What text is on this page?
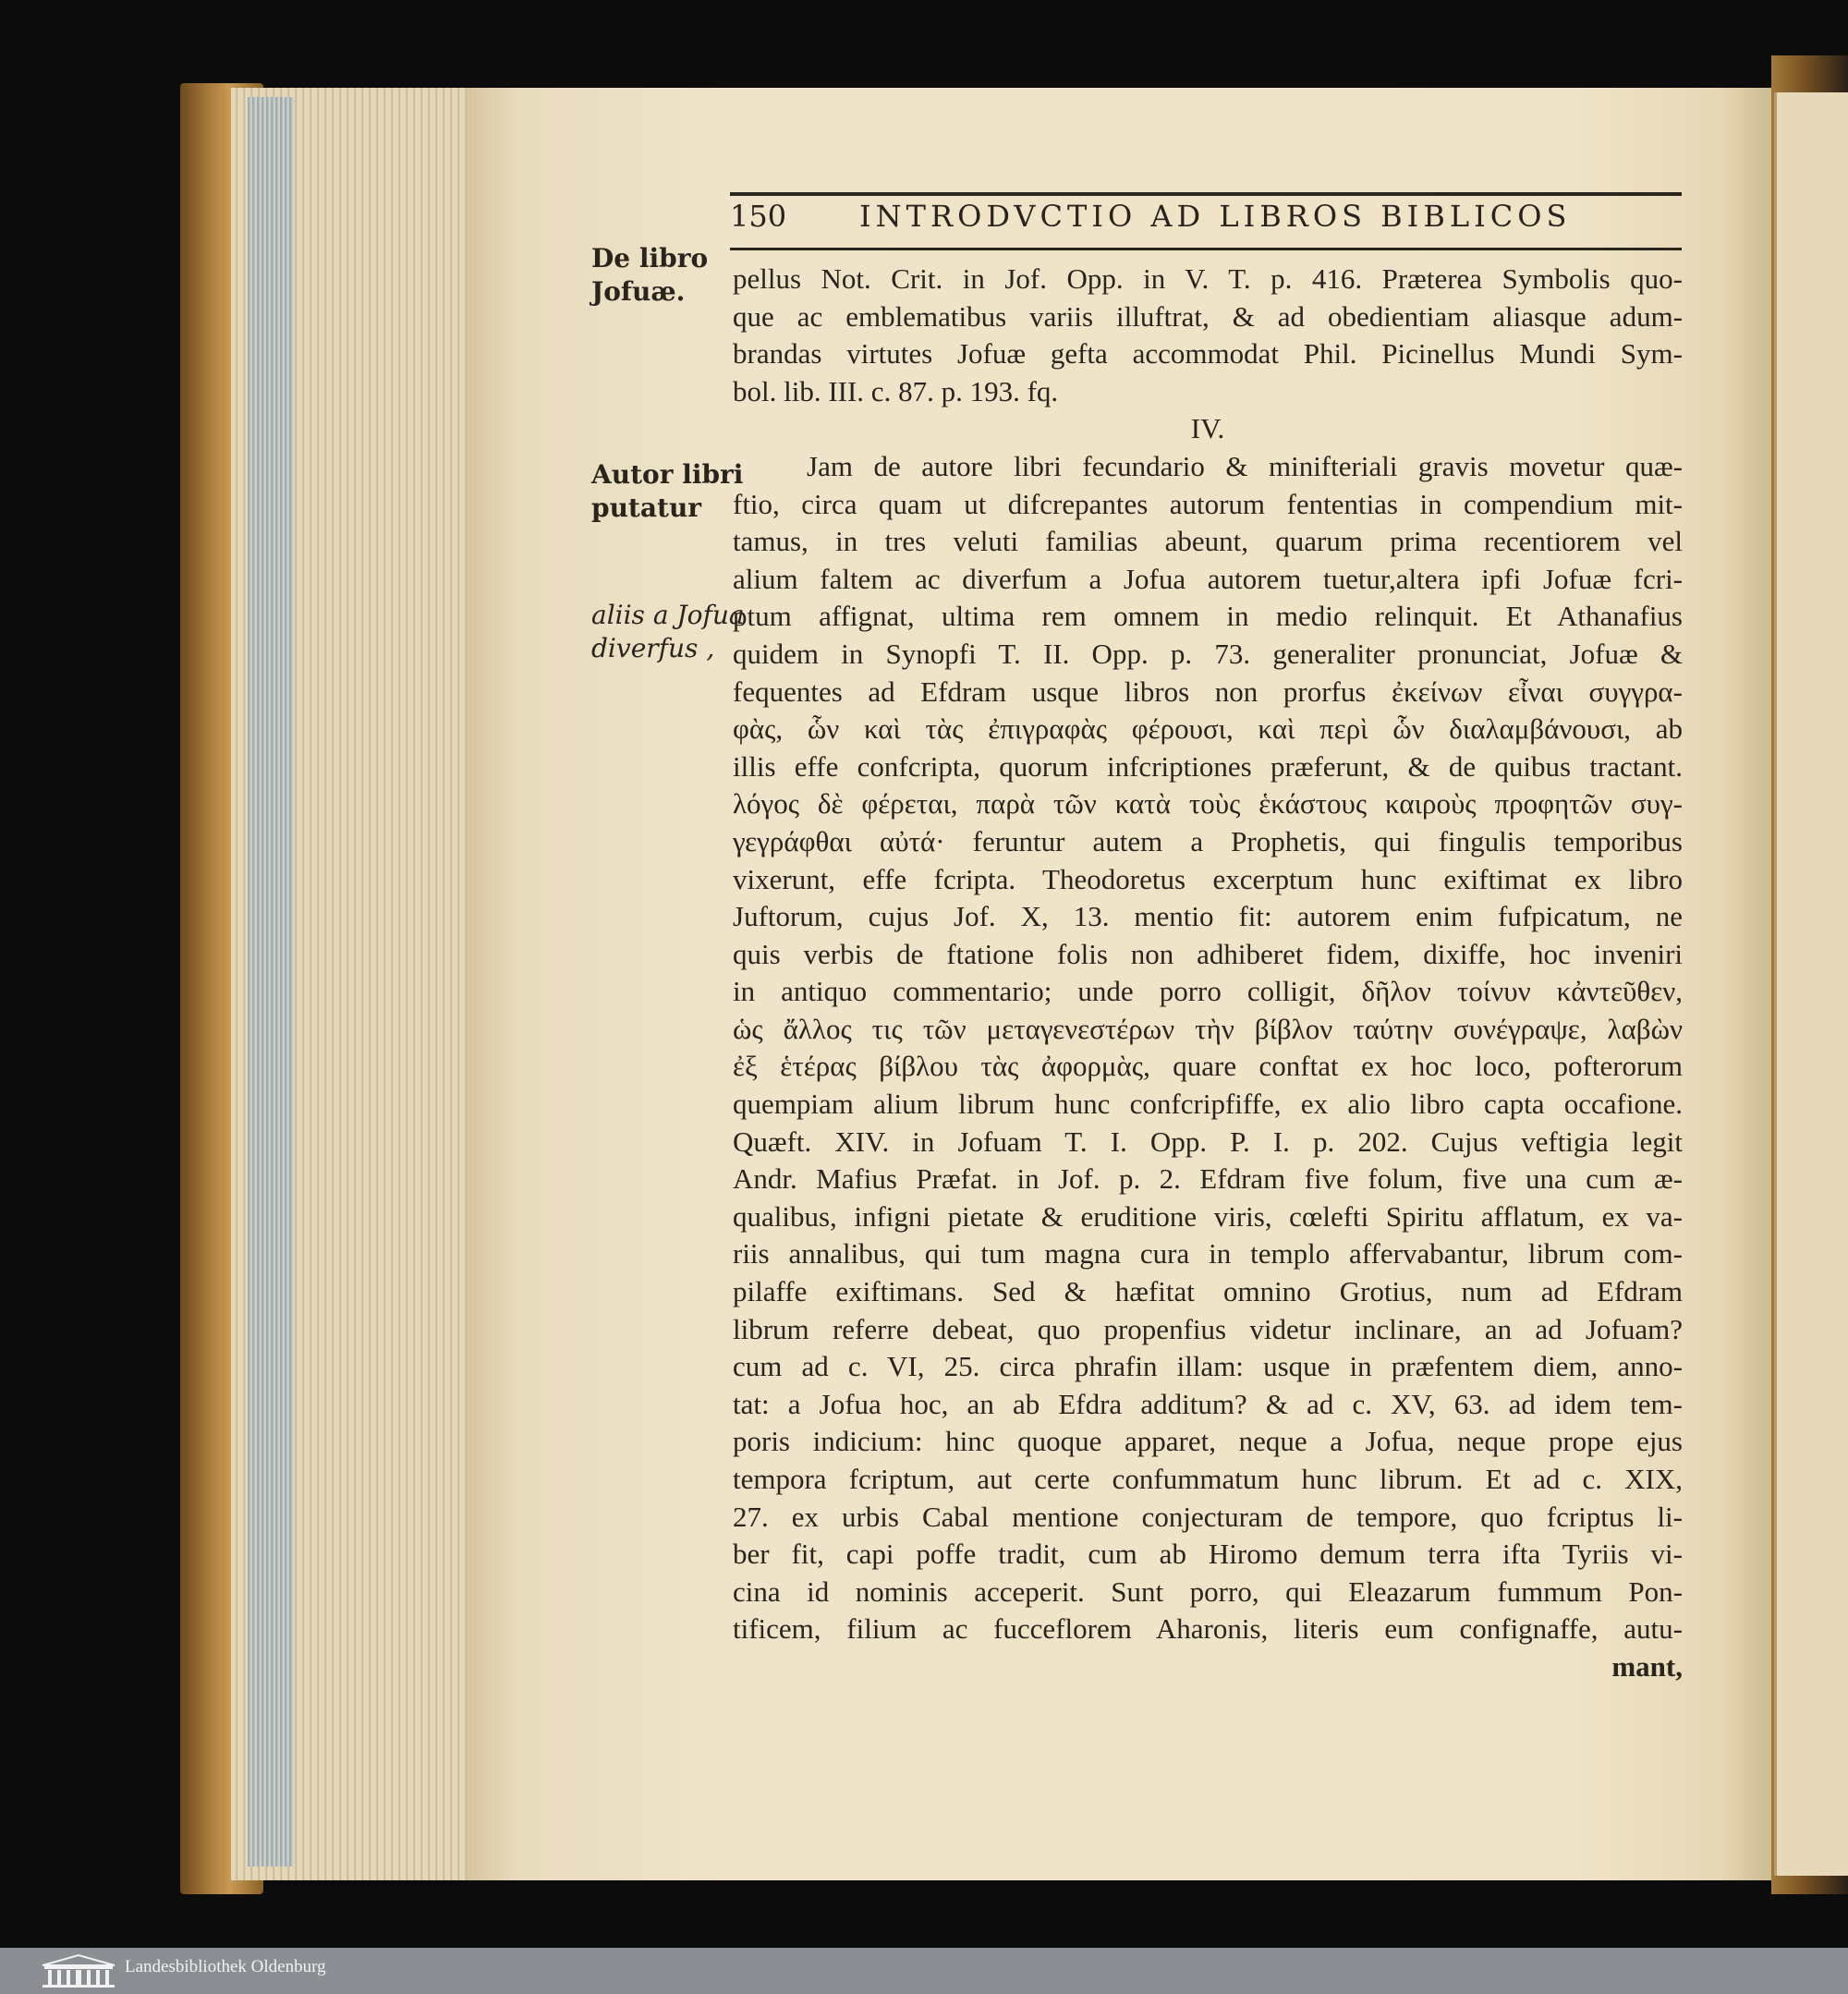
150 INTRODVCTIO AD LIBROS BIBLICOS
De libro
Jofuæ.
Autor libri
putatur
aliis a Jofua
diverfus ,
pellus Not. Crit. in Jof. Opp. in V. T. p. 416. Præterea Symbolis quo-
que ac emblematibus variis illuftrat, & ad obedientiam aliasque adum-
brandas virtutes Jofuæ gefta accommodat Phil. Picinellus Mundi Sym-
bol. lib. III. c. 87. p. 193. fq.
IV.
Jam de autore libri fecundario & minifteriali gravis movetur quæ-
ftio, circa quam ut difcrepantes autorum fententias in compendium mit-
tamus, in tres veluti familias abeunt, quarum prima recentiorem vel
alium faltem ac diverfum a Jofua autorem tuetur,altera ipfi Jofuæ fcri-
ptum affignat, ultima rem omnem in medio relinquit. Et Athanafius
quidem in Synopfi T. II. Opp. p. 73. generaliter pronunciat, Jofuæ &
fequentes ad Efdram usque libros non prorfus ἐκείνων εἶναι συγγρα-
φὰς, ὧν καὶ τὰς ἐπιγραφὰς φέρουσι, καὶ περὶ ὧν διαλαμβάνουσι, ab
illis effe confcripta, quorum infcriptiones præferunt, & de quibus tractant.
λόγος δὲ φέρεται, παρὰ τῶν κατὰ τοὺς ἑκάστους καιροὺς προφητῶν συγ-
γεγράφθαι αὐτά· feruntur autem a Prophetis, qui fingulis temporibus
vixerunt, effe fcripta. Theodoretus excerptum hunc exiftimat ex libro
Juftorum, cujus Jof. X, 13. mentio fit: autorem enim fufpicatum, ne
quis verbis de ftatione folis non adhiberet fidem, dixiffe, hoc inveniri
in antiquo commentario; unde porro colligit, δῆλον τοίνυν κἀντεῦθεν,
ὡς ἄλλος τις τῶν μεταγενεστέρων τὴν βίβλον ταύτην συνέγραψε, λαβὼν
ἐξ ἑτέρας βίβλου τὰς ἀφορμὰς, quare conftat ex hoc loco, pofterorum
quempiam alium librum hunc confcripfiffe, ex alio libro capta occafione.
Quæft. XIV. in Jofuam T. I. Opp. P. I. p. 202. Cujus veftigia legit
Andr. Mafius Præfat. in Jof. p. 2. Efdram five folum, five una cum æ-
qualibus, infigni pietate & eruditione viris, cœlefti Spiritu afflatum, ex va-
riis annalibus, qui tum magna cura in templo affervabantur, librum com-
pilaffe exiftimans. Sed & hæfitat omnino Grotius, num ad Efdram
librum referre debeat, quo propenfius videtur inclinare, an ad Jofuam?
cum ad c. VI, 25. circa phrafin illam: usque in præfentem diem, anno-
tat: a Jofua hoc, an ab Efdra additum? & ad c. XV, 63. ad idem tem-
poris indicium: hinc quoque apparet, neque a Jofua, neque prope ejus
tempora fcriptum, aut certe confummatum hunc librum. Et ad c. XIX,
27. ex urbis Cabal mentione conjecturam de tempore, quo fcriptus li-
ber fit, capi poffe tradit, cum ab Hiromo demum terra ifta Tyriis vi-
cina id nominis acceperit. Sunt porro, qui Eleazarum fummum Pon-
tificem, filium ac fucceflorem Aharonis, literis eum confignaffe, autu-
mant,
Landesbibliothek Oldenburg
